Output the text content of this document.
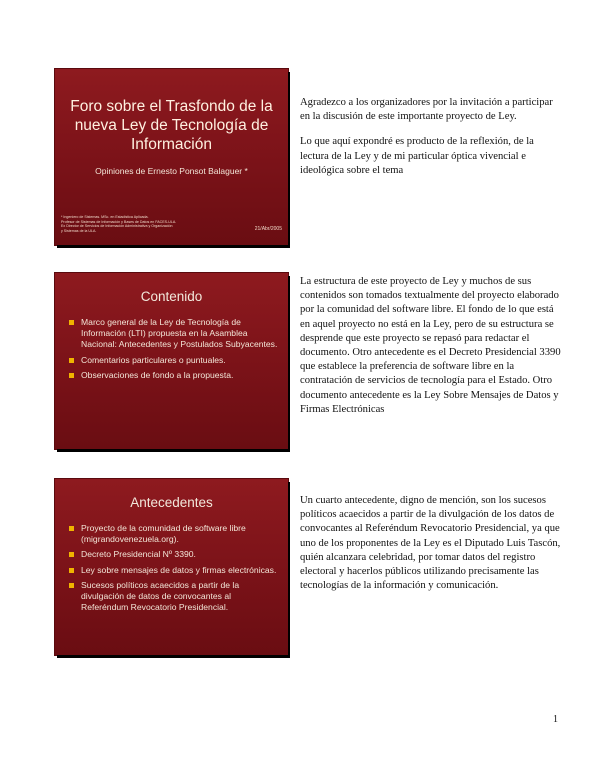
Foro sobre el Trasfondo de la nueva Ley de Tecnología de Información
Opiniones de Ernesto Ponsot Balaguer *
* Ingeniero de Sistemas. MSc. en Estadística Aplicada.
Profesor de Sistemas de Información y Bases de Datos en FACES-ULA.
Ex Director de Servicios de Información Administrativa y Organización
y Sistemas de la ULA.	21/Abr/2005

Agradezco a los organizadores por la invitación a participar en la discusión de este importante proyecto de Ley.

Lo que aquí expondré es producto de la reflexión, de la lectura de la Ley y de mi particular óptica vivencial e ideológica sobre el tema

Contenido
Marco general de la Ley de Tecnología de Información (LTI) propuesta en la Asamblea Nacional: Antecedentes y Postulados Subyacentes.
Comentarios particulares o puntuales.
Observaciones de fondo a la propuesta.

La estructura de este proyecto de Ley y muchos de sus contenidos son tomados textualmente del proyecto elaborado por la comunidad del software libre. El fondo de lo que está en aquel proyecto no está en la Ley, pero de su estructura se desprende que este proyecto se repasó para redactar el documento. Otro antecedente es el Decreto Presidencial 3390 que establece la preferencia de software libre en la contratación de servicios de tecnología para el Estado. Otro documento antecedente es la Ley Sobre Mensajes de Datos y Firmas Electrónicas

Antecedentes
Proyecto de la comunidad de software libre (migrandovenezuela.org).
Decreto Presidencial Nº 3390.
Ley sobre mensajes de datos y firmas electrónicas.
Sucesos políticos acaecidos a partir de la divulgación de datos de convocantes al Referéndum Revocatorio Presidencial.

Un cuarto antecedente, digno de mención, son los sucesos políticos acaecidos a partir de la divulgación de los datos de convocantes al Referéndum Revocatorio Presidencial, ya que uno de los proponentes de la Ley es el Diputado Luis Tascón, quién alcanzara celebridad, por tomar datos del registro electoral y hacerlos públicos utilizando precisamente las tecnologías de la información y comunicación.

1
